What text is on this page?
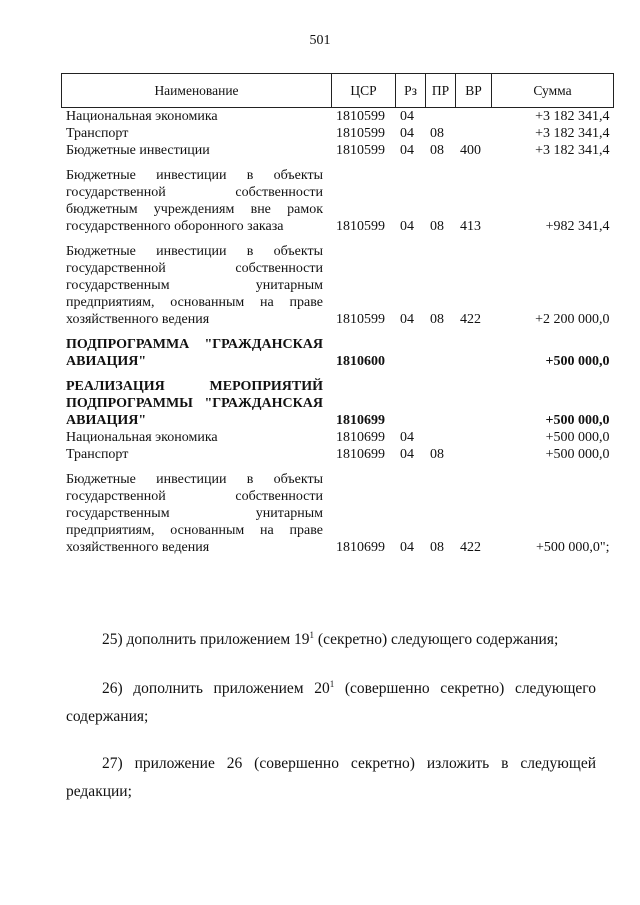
501
Наименование	ЦСР	Рз	ПР	ВР	Сумма
Национальная экономика	1810599	04			+3 182 341,4
Транспорт	1810599	04	08		+3 182 341,4
Бюджетные инвестиции	1810599	04	08	400	+3 182 341,4
Бюджетные инвестиции в объекты государственной собственности бюджетным учреждениям вне рамок государственного оборонного заказа	1810599	04	08	413	+982 341,4
Бюджетные инвестиции в объекты государственной собственности государственным унитарным предприятиям, основанным на праве хозяйственного ведения	1810599	04	08	422	+2 200 000,0
ПОДПРОГРАММА "ГРАЖДАНСКАЯ АВИАЦИЯ"	1810600				+500 000,0
РЕАЛИЗАЦИЯ МЕРОПРИЯТИЙ ПОДПРОГРАММЫ "ГРАЖДАНСКАЯ АВИАЦИЯ"	1810699				+500 000,0
Национальная экономика	1810699	04			+500 000,0
Транспорт	1810699	04	08		+500 000,0
Бюджетные инвестиции в объекты государственной собственности государственным унитарным предприятиям, основанным на праве хозяйственного ведения	1810699	04	08	422	+500 000,0";
25) дополнить приложением $19^1$ (секретно) следующего содержания;
26) дополнить приложением $20^1$ (совершенно секретно) следующего содержания;
27) приложение 26 (совершенно секретно) изложить в следующей редакции;
